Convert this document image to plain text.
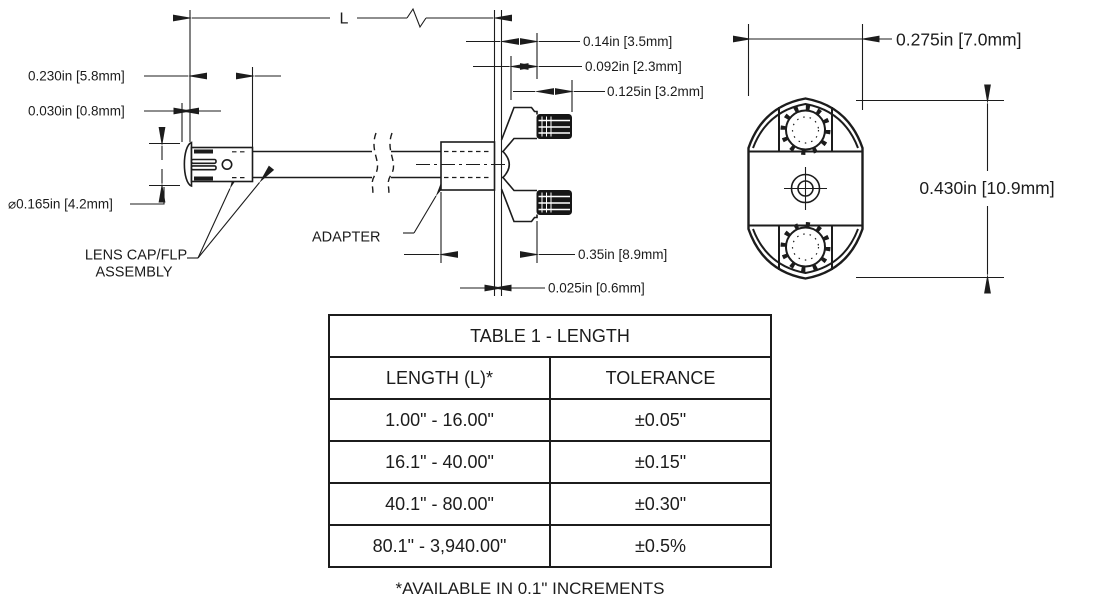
L
0.230in [5.8mm]
0.030in [0.8mm]
⌀0.165in [4.2mm]
LENS CAP/FLP
ASSEMBLY
ADAPTER
0.14in [3.5mm]
0.092in [2.3mm]
0.125in [3.2mm]
0.35in [8.9mm]
0.025in [0.6mm]
0.275in [7.0mm]
0.430in [10.9mm]
TABLE 1 - LENGTH	
LENGTH (L)*	TOLERANCE
1.00" - 16.00"	±0.05"
16.1" - 40.00"	±0.15"
40.1" - 80.00"	±0.30"
80.1" - 3,940.00"	±0.5%
*AVAILABLE IN 0.1" INCREMENTS
